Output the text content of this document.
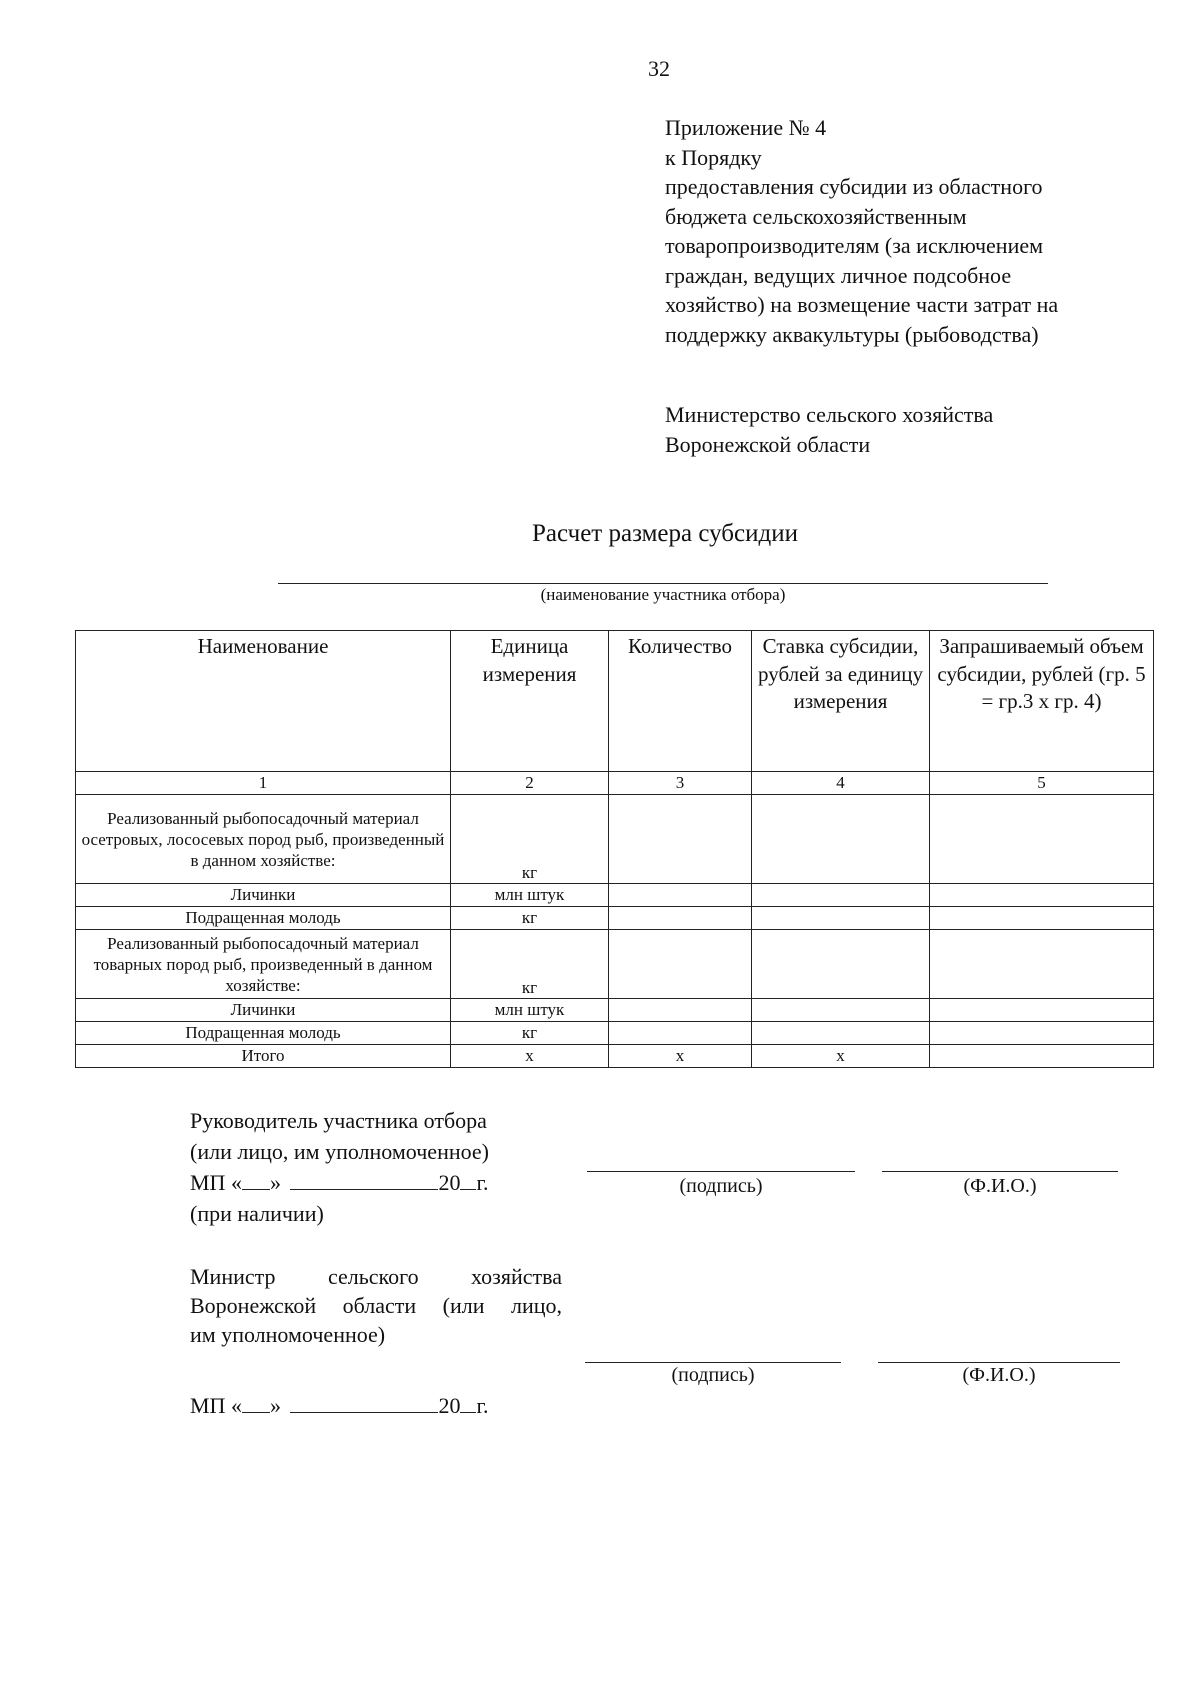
32
Приложение № 4
к Порядку
предоставления субсидии из областного
бюджета сельскохозяйственным
товаропроизводителям (за исключением
граждан, ведущих личное подсобное
хозяйство) на возмещение части затрат на
поддержку аквакультуры (рыбоводства)
Министерство сельского хозяйства
Воронежской области
Расчет размера субсидии
(наименование участника отбора)
Наименование	Единица измерения	Количество	Ставка субсидии, рублей за единицу измерения	Запрашиваемый объем субсидии, рублей (гр. 5 = гр.3 х гр. 4)
1	2	3	4	5
Реализованный рыбопосадочный материал осетровых, лососевых пород рыб, произведенный в данном хозяйстве:	кг			
Личинки	млн штук			
Подращенная молодь	кг			
Реализованный рыбопосадочный материал товарных пород рыб, произведенный в данном хозяйстве:	кг			
Личинки	млн штук			
Подращенная молодь	кг			
Итого	х	х	х	
Руководитель участника отбора
(или лицо, им уполномоченное)
МП « »	20 г.
(при наличии)
(подпись)	(Ф.И.О.)
Министр сельского хозяйства
Воронежской области (или лицо,
им уполномоченное)
(подпись)	(Ф.И.О.)
МП « »	20 г.
